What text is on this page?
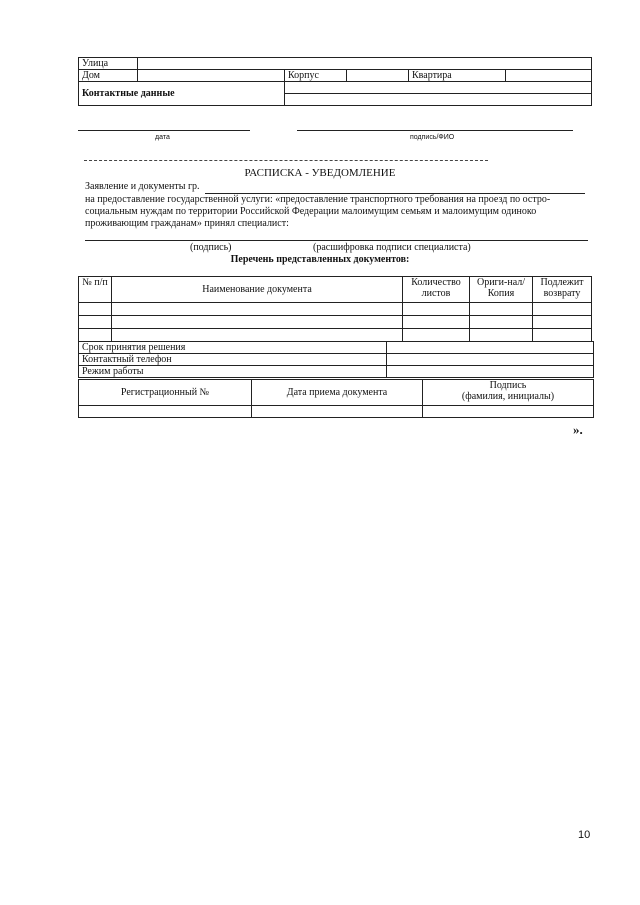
Улица					
Дом		Корпус		Квартира	
Контактные данные					
дата	подпись/ФИО
РАСПИСКА - УВЕДОМЛЕНИЕ
Заявление и документы гр.
на предоставление государственной услуги: «предоставление транспортного требования на проезд по остро-
социальным нуждам по территории Российской Федерации малоимущим семьям и малоимущим одиноко
проживающим гражданам» принял специалист:
(подпись)	(расшифровка подписи специалиста)
Перечень представленных документов:
№ п/п	Наименование документа	Количество листов	Ориги-нал/Копия	Подлежит возврату

Срок принятия решения	
Контактный телефон	
Режим работы	
Регистрационный №	Дата приема документа	Подпись
(фамилия, инициалы)

».
10
